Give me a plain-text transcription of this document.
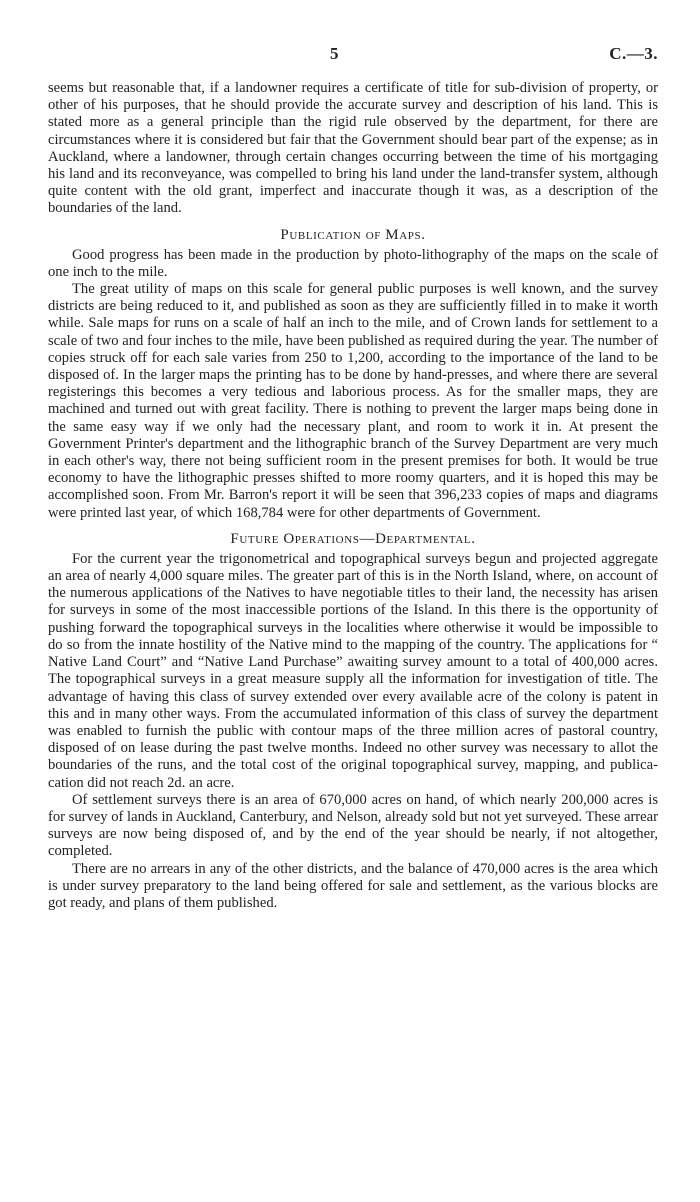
5	C.—3.

seems but reasonable that, if a landowner requires a certificate of title for sub-division of property, or other of his purposes, that he should provide the accurate survey and description of his land. This is stated more as a general principle than the rigid rule observed by the department, for there are circumstances where it is considered but fair that the Government should bear part of the expense; as in Auckland, where a landowner, through certain changes occurring between the time of his mortgaging his land and its reconveyance, was compelled to bring his land under the land-transfer system, although quite content with the old grant, imperfect and inaccurate though it was, as a description of the boundaries of the land.

Publication of Maps.

Good progress has been made in the production by photo-lithography of the maps on the scale of one inch to the mile.

The great utility of maps on this scale for general public purposes is well known, and the survey districts are being reduced to it, and published as soon as they are sufficiently filled in to make it worth while. Sale maps for runs on a scale of half an inch to the mile, and of Crown lands for settlement to a scale of two and four inches to the mile, have been published as required during the year. The number of copies struck off for each sale varies from 250 to 1,200, according to the importance of the land to be disposed of. In the larger maps the printing has to be done by hand-presses, and where there are several registerings this becomes a very tedious and laborious process. As for the smaller maps, they are machined and turned out with great facility. There is nothing to prevent the larger maps being done in the same easy way if we only had the necessary plant, and room to work it in. At present the Government Printer's department and the lithographic branch of the Survey Department are very much in each other's way, there not being sufficient room in the present premises for both. It would be true economy to have the lithographic presses shifted to more roomy quarters, and it is hoped this may be accomplished soon. From Mr. Barron's report it will be seen that 396,233 copies of maps and diagrams were printed last year, of which 168,784 were for other departments of Government.

Future Operations—Departmental.

For the current year the trigonometrical and topographical surveys begun and projected aggregate an area of nearly 4,000 square miles. The greater part of this is in the North Island, where, on account of the numerous applications of the Natives to have negotiable titles to their land, the necessity has arisen for surveys in some of the most inaccessible portions of the Island. In this there is the opportunity of pushing forward the topographical surveys in the localities where otherwise it would be impossible to do so from the innate hostility of the Native mind to the mapping of the country. The applications for “ Native Land Court” and “Native Land Purchase” awaiting survey amount to a total of 400,000 acres. The topographical surveys in a great measure supply all the information for investigation of title. The advantage of having this class of survey extended over every available acre of the colony is patent in this and in many other ways. From the accumulated information of this class of survey the department was enabled to furnish the public with contour maps of the three million acres of pastoral country, disposed of on lease during the past twelve months. Indeed no other survey was necessary to allot the boundaries of the runs, and the total cost of the original topographical survey, mapping, and publica-cation did not reach 2d. an acre.

Of settlement surveys there is an area of 670,000 acres on hand, of which nearly 200,000 acres is for survey of lands in Auckland, Canterbury, and Nelson, already sold but not yet surveyed. These arrear surveys are now being disposed of, and by the end of the year should be nearly, if not altogether, completed.

There are no arrears in any of the other districts, and the balance of 470,000 acres is the area which is under survey preparatory to the land being offered for sale and settlement, as the various blocks are got ready, and plans of them published.
